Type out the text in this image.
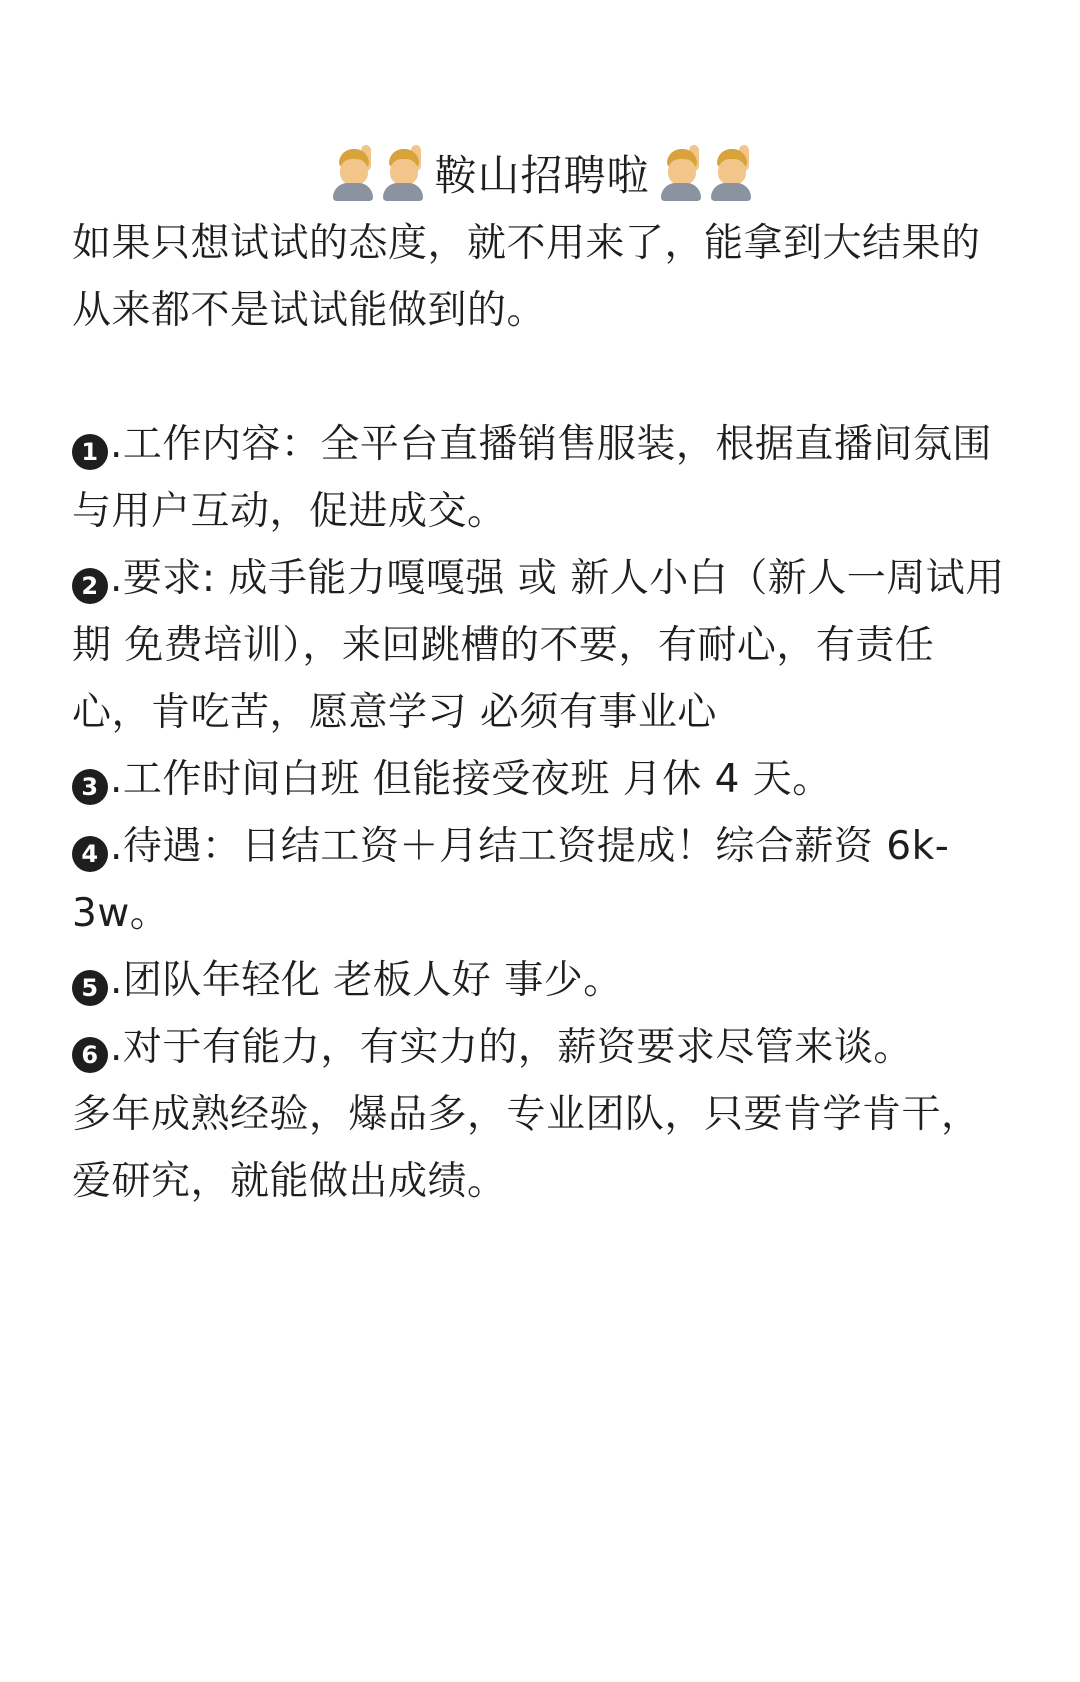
鞍山招聘啦

如果只想试试的态度，就不用来了，能拿到大结果的从来都不是试试能做到的。

1 .工作内容：全平台直播销售服装，根据直播间氛围与用户互动，促进成交。

2 .要求: 成手能力嘎嘎强 或 新人小白（新人一周试用期 免费培训），来回跳槽的不要，有耐心，有责任心，肯吃苦，愿意学习 必须有事业心

3 .工作时间白班 但能接受夜班 月休 4 天。

4 .待遇：日结工资＋月结工资提成！综合薪资 6k-3w。

5 .团队年轻化 老板人好 事少。

6 .对于有能力，有实力的，薪资要求尽管来谈。

多年成熟经验，爆品多，专业团队，只要肯学肯干，爱研究，就能做出成绩。
